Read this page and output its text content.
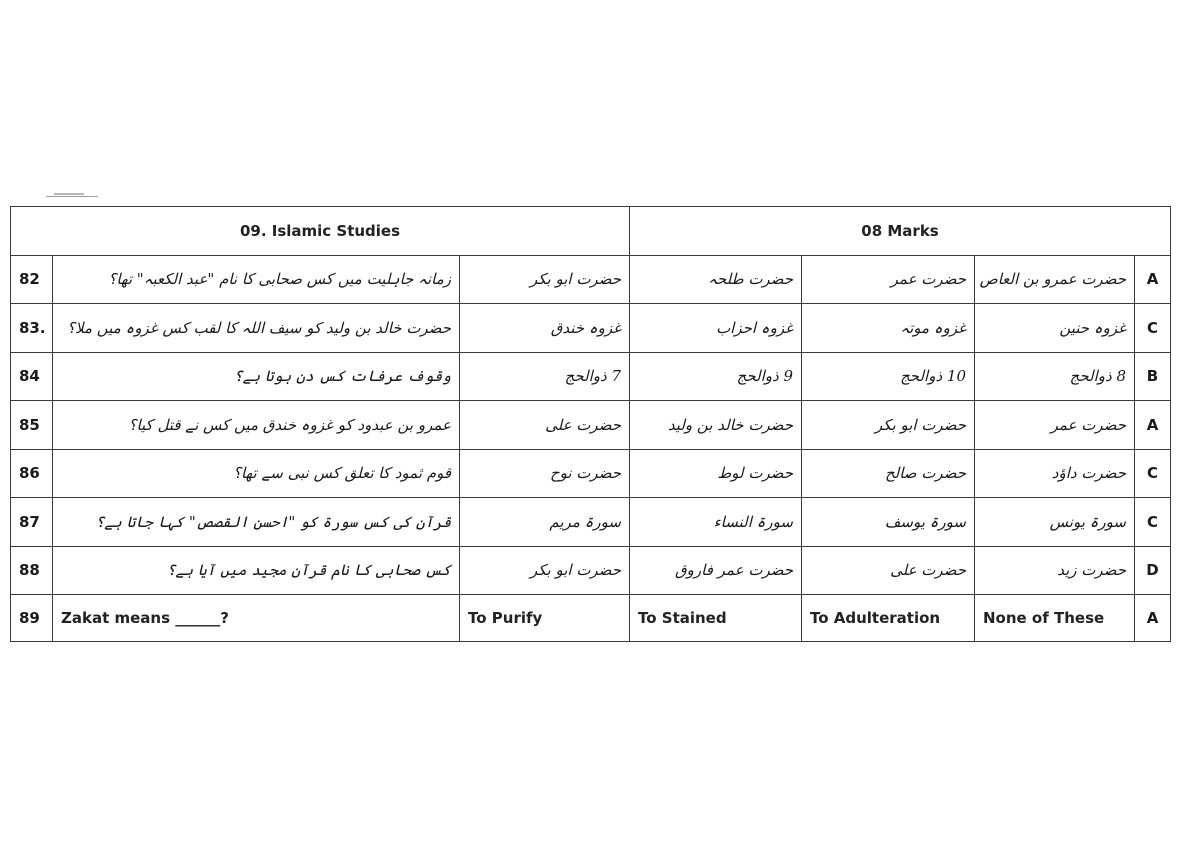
09. Islamic Studies			08 Marks			
82	زمانہ جاہلیت میں کس صحابی کا نام "عبد الکعبہ" تھا؟	حضرت ابو بکر	حضرت طلحہ	حضرت عمر	حضرت عمرو بن العاص	A
83.	حضرت خالد بن ولید کو سیف اللہ کا لقب کس غزوہ میں ملا؟	غزوہ خندق	غزوہ احزاب	غزوہ موتہ	غزوہ حنین	C
84	وقوف عرفات کس دن ہوتا ہے؟	7 ذوالحج	9 ذوالحج	10 ذوالحج	8 ذوالحج	B
85	عمرو بن عبدود کو غزوہ خندق میں کس نے قتل کیا؟	حضرت علی	حضرت خالد بن ولید	حضرت ابو بکر	حضرت عمر	A
86	قوم ثمود کا تعلق کس نبی سے تھا؟	حضرت نوح	حضرت لوط	حضرت صالح	حضرت داؤد	C
87	قرآن کی کس سورۃ کو "احسن القصص" کہا جاتا ہے؟	سورۃ مریم	سورۃ النساء	سورۃ یوسف	سورۃ یونس	C
88	کس صحابی کا نام قرآن مجید میں آیا ہے؟	حضرت ابو بکر	حضرت عمر فاروق	حضرت علی	حضرت زید	D
89	Zakat means ______?	To Purify	To Stained	To Adulteration	None of These	A
